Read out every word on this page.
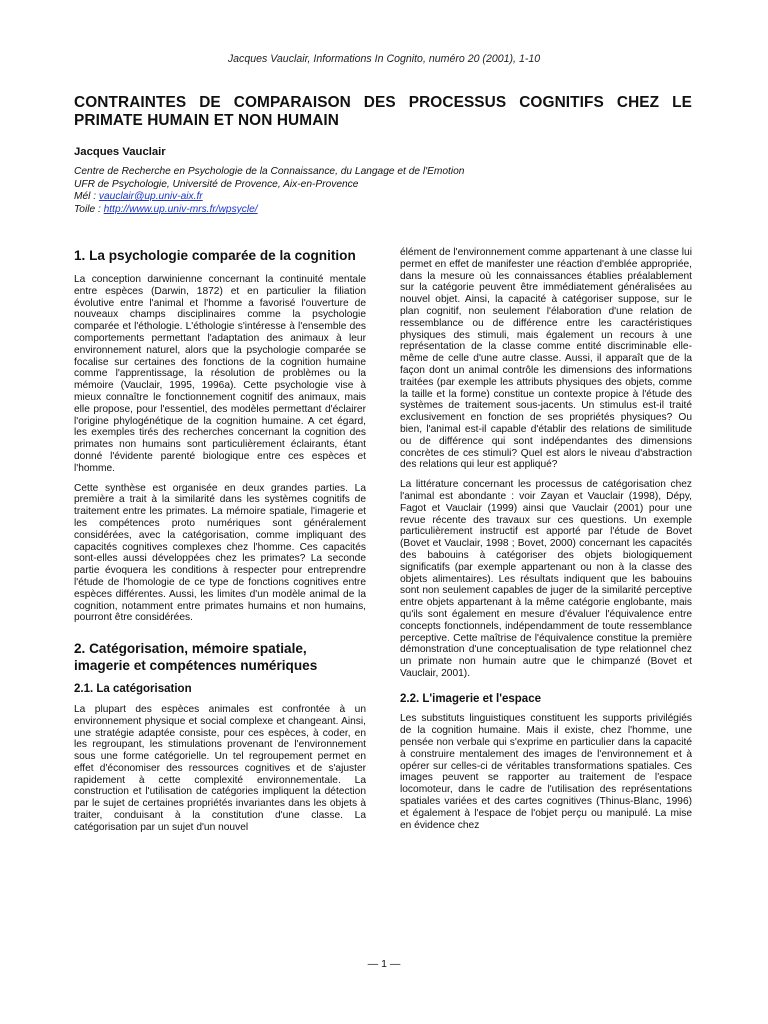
Jacques Vauclair, Informations In Cognito, numéro 20 (2001), 1-10
CONTRAINTES DE COMPARAISON DES PROCESSUS COGNITIFS CHEZ LE PRIMATE HUMAIN ET NON HUMAIN
Jacques Vauclair
Centre de Recherche en Psychologie de la Connaissance, du Langage et de l'Emotion
UFR de Psychologie, Université de Provence, Aix-en-Provence
Mél : vauclair@up.univ-aix.fr
Toile : http://www.up.univ-mrs.fr/wpsycle/
1. La psychologie comparée de la cognition

La conception darwinienne concernant la continuité mentale entre espèces (Darwin, 1872) et en particulier la filiation évolutive entre l'animal et l'homme a favorisé l'ouverture de nouveaux champs disciplinaires comme la psychologie comparée et l'éthologie. L'éthologie s'intéresse à l'ensemble des comportements permettant l'adaptation des animaux à leur environnement naturel, alors que la psychologie comparée se focalise sur certaines des fonctions de la cognition humaine comme l'apprentissage, la résolution de problèmes ou la mémoire (Vauclair, 1995, 1996a). Cette psychologie vise à mieux connaître le fonctionnement cognitif des animaux, mais elle propose, pour l'essentiel, des modèles permettant d'éclairer l'origine phylogénétique de la cognition humaine. A cet égard, les exemples tirés des recherches concernant la cognition des primates non humains sont particulièrement éclairants, étant donné l'évidente parenté biologique entre ces espèces et l'homme.

Cette synthèse est organisée en deux grandes parties. La première a trait à la similarité dans les systèmes cognitifs de traitement entre les primates. La mémoire spatiale, l'imagerie et les compétences proto numériques sont généralement considérées, avec la catégorisation, comme impliquant des capacités cognitives complexes chez l'homme. Ces capacités sont-elles aussi développées chez les primates? La seconde partie évoquera les conditions à respecter pour entreprendre l'étude de l'homologie de ce type de fonctions cognitives entre espèces différentes. Aussi, les limites d'un modèle animal de la cognition, notamment entre primates humains et non humains, pourront être considérées.

2. Catégorisation, mémoire spatiale, imagerie et compétences numériques
2.1. La catégorisation

La plupart des espèces animales est confrontée à un environnement physique et social complexe et changeant. Ainsi, une stratégie adaptée consiste, pour ces espèces, à coder, en les regroupant, les stimulations provenant de l'environnement sous une forme catégorielle. Un tel regroupement permet en effet d'économiser des ressources cognitives et de s'ajuster rapidement à cette complexité environnementale. La construction et l'utilisation de catégories impliquent la détection par le sujet de certaines propriétés invariantes dans les objets à traiter, conduisant à la constitution d'une classe. La catégorisation par un sujet d'un nouvel

élément de l'environnement comme appartenant à une classe lui permet en effet de manifester une réaction d'emblée appropriée, dans la mesure où les connaissances établies préalablement sur la catégorie peuvent être immédiatement généralisées au nouvel objet. Ainsi, la capacité à catégoriser suppose, sur le plan cognitif, non seulement l'élaboration d'une relation de ressemblance ou de différence entre les caractéristiques physiques des stimuli, mais également un recours à une représentation de la classe comme entité discriminable elle-même de celle d'une autre classe. Aussi, il apparaît que de la façon dont un animal contrôle les dimensions des informations traitées (par exemple les attributs physiques des objets, comme la taille et la forme) constitue un contexte propice à l'étude des systèmes de traitement sous-jacents. Un stimulus est-il traité exclusivement en fonction de ses propriétés physiques? Ou bien, l'animal est-il capable d'établir des relations de similitude ou de différence qui sont indépendantes des dimensions concrètes de ces stimuli? Quel est alors le niveau d'abstraction des relations qui leur est appliqué?

La littérature concernant les processus de catégorisation chez l'animal est abondante : voir Zayan et Vauclair (1998), Dépy, Fagot et Vauclair (1999) ainsi que Vauclair (2001) pour une revue récente des travaux sur ces questions. Un exemple particulièrement instructif est apporté par l'étude de Bovet (Bovet et Vauclair, 1998 ; Bovet, 2000) concernant les capacités des babouins à catégoriser des objets biologiquement significatifs (par exemple appartenant ou non à la classe des objets alimentaires). Les résultats indiquent que les babouins sont non seulement capables de juger de la similarité perceptive entre objets appartenant à la même catégorie englobante, mais qu'ils sont également en mesure d'évaluer l'équivalence entre concepts fonctionnels, indépendamment de toute ressemblance perceptive. Cette maîtrise de l'équivalence constitue la première démonstration d'une conceptualisation de type relationnel chez un primate non humain autre que le chimpanzé (Bovet et Vauclair, 2001).

2.2. L'imagerie et l'espace

Les substituts linguistiques constituent les supports privilégiés de la cognition humaine. Mais il existe, chez l'homme, une pensée non verbale qui s'exprime en particulier dans la capacité à construire mentalement des images de l'environnement et à opérer sur celles-ci de véritables transformations spatiales. Ces images peuvent se rapporter au traitement de l'espace locomoteur, dans le cadre de l'utilisation des représentations spatiales variées et des cartes cognitives (Thinus-Blanc, 1996) et également à l'espace de l'objet perçu ou manipulé. La mise en évidence chez

— 1 —
